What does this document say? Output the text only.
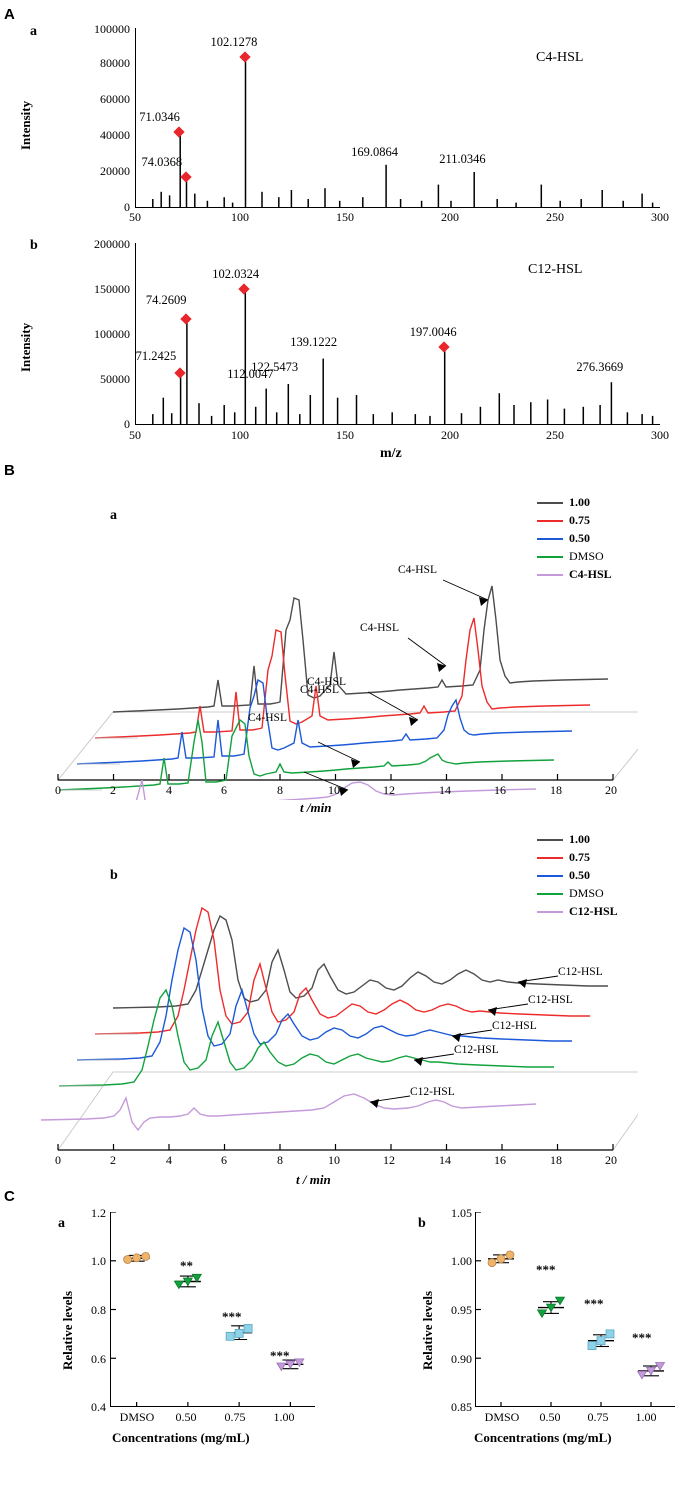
A
a
Intensity
100000
80000
60000
40000
20000
0
50	100	150	200	250	300
C4-HSL
71.0346
74.0368
102.1278
169.0864
211.0346
b
Intensity
200000
150000
100000
50000
0
50	100	150	200	250	300
C12-HSL
71.2425
74.2609
102.0324
112.0047
122.5473
139.1222
197.0046
276.3669
m/z
B
a
C4-HSL
C4-HSL
C4-HSL
C4-HSL
C4-HSL
0	2	4	6	8	10	12	14	16	18	20
t /min
1.00
0.75
0.50
DMSO
C4-HSL
b
C12-HSL
C12-HSL
C12-HSL
C12-HSL
C12-HSL
0	2	4	6	8	10	12	14	16	18	20
t / min
1.00
0.75
0.50
DMSO
C12-HSL
C
a
Relative levels
1.2
1.0
0.8
0.6
0.4
DMSO	0.50	0.75	1.00
Concentrations (mg/mL)
**
***
***
b
Relative levels
1.05
1.00
0.95
0.90
0.85
DMSO	0.50	0.75	1.00
Concentrations (mg/mL)
***
***
***
